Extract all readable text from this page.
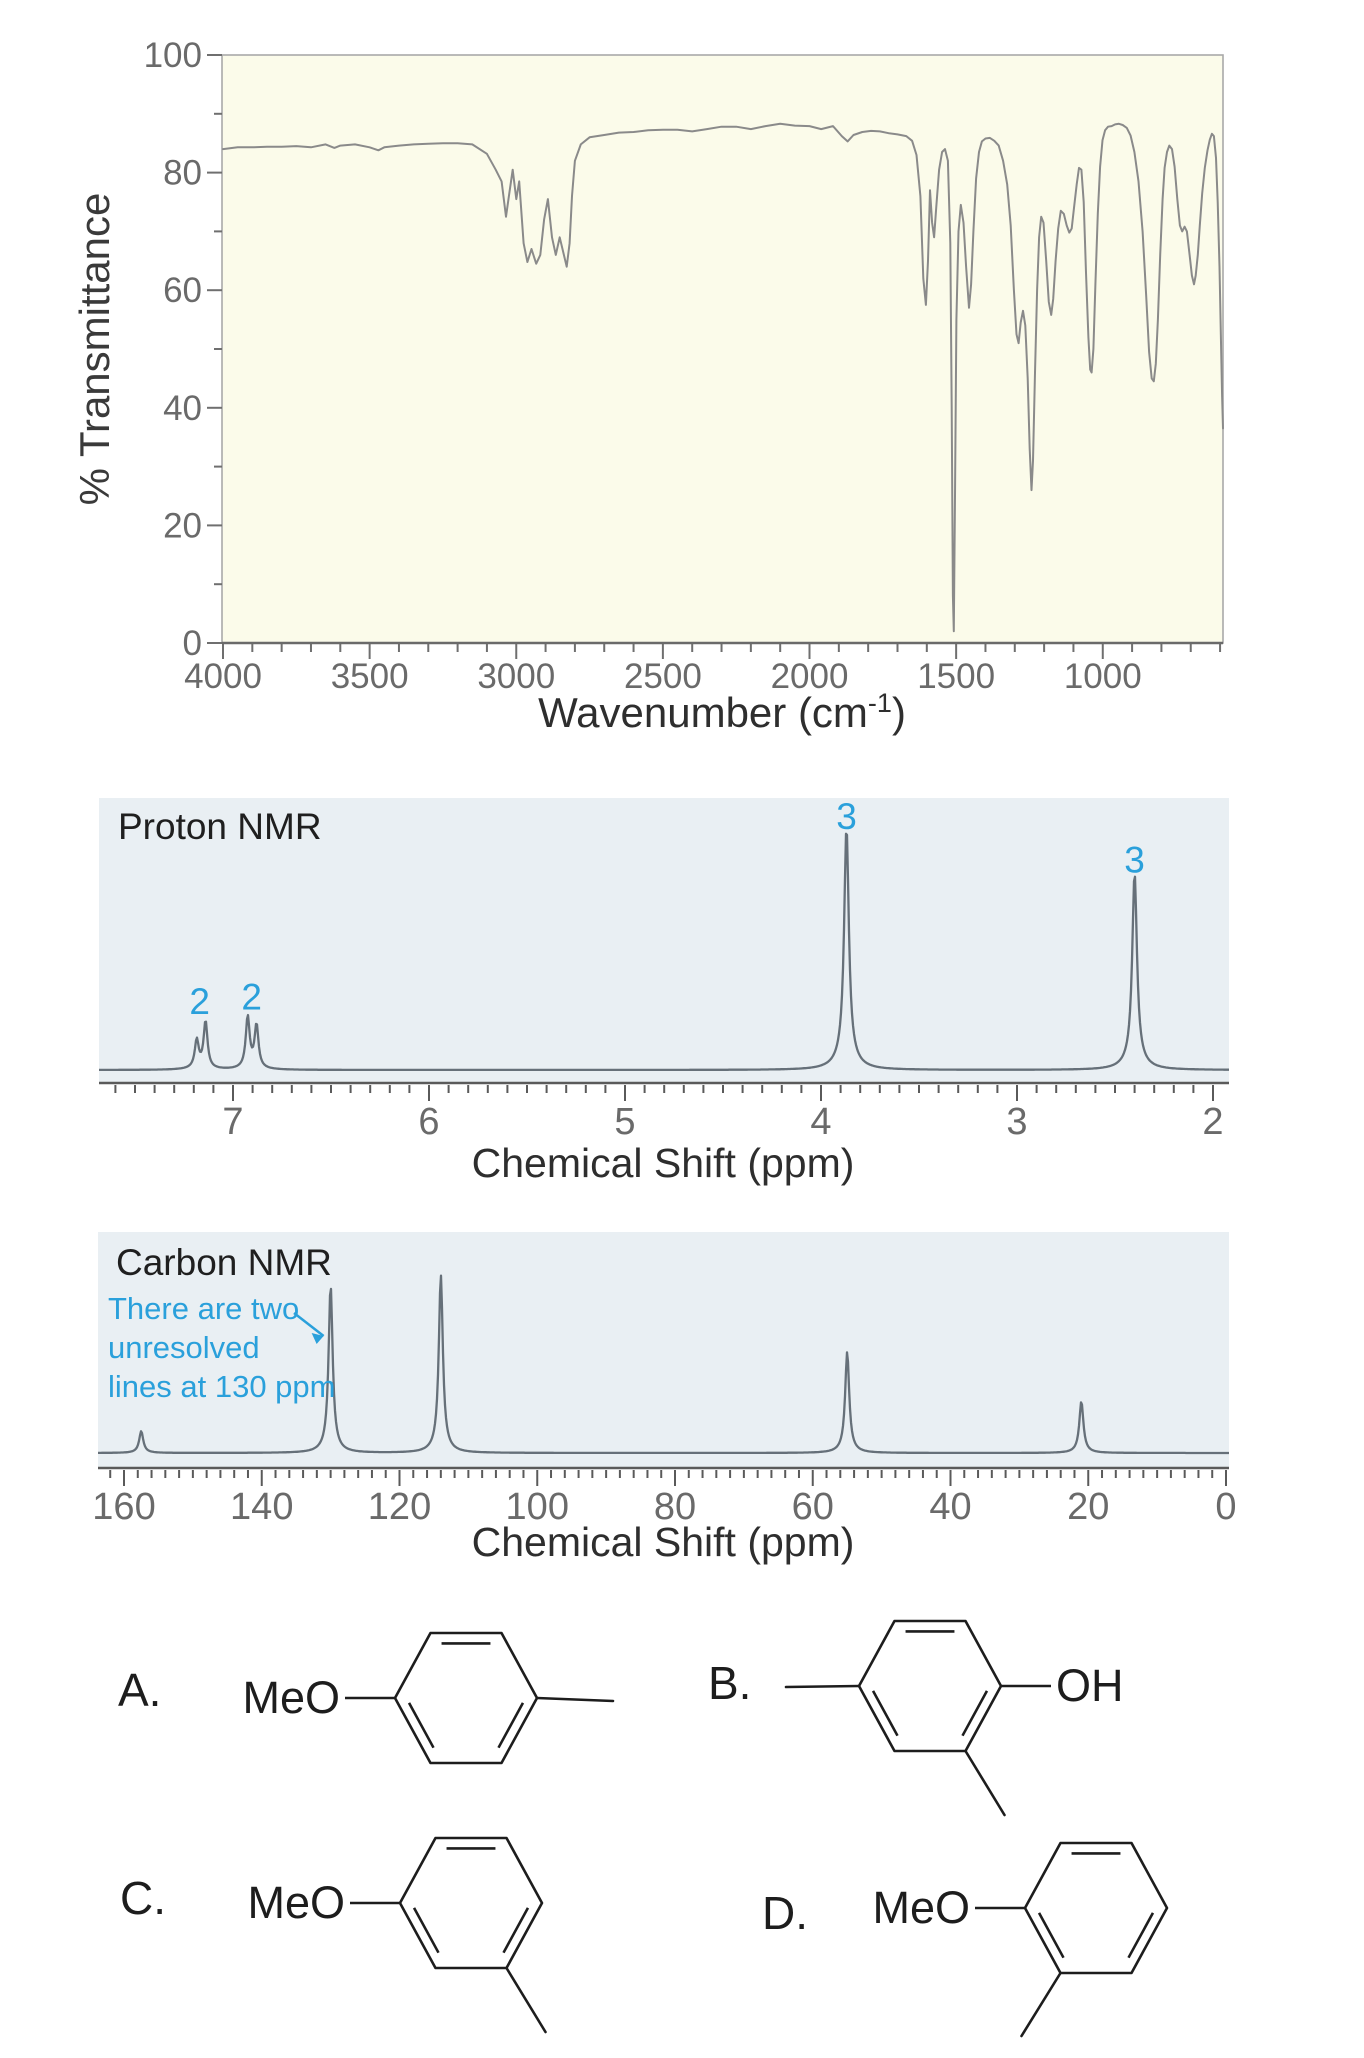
0
20
40
60
80
100
4000 3500 3000 2500 2000 1500 1000
2 2
3
3
7	6	5	4	3	2
160 140 120 100 80	60	40	20	0
MeO
A.	OH
B.
MeO
C.	MeO
D.
% Transmittance
Wavenumber $(cm^{-1})$
Proton NMR
Chemical Shift (ppm)
Carbon NMR
There are two
unresolved
lines at 130 ppm
Chemical Shift (ppm)
